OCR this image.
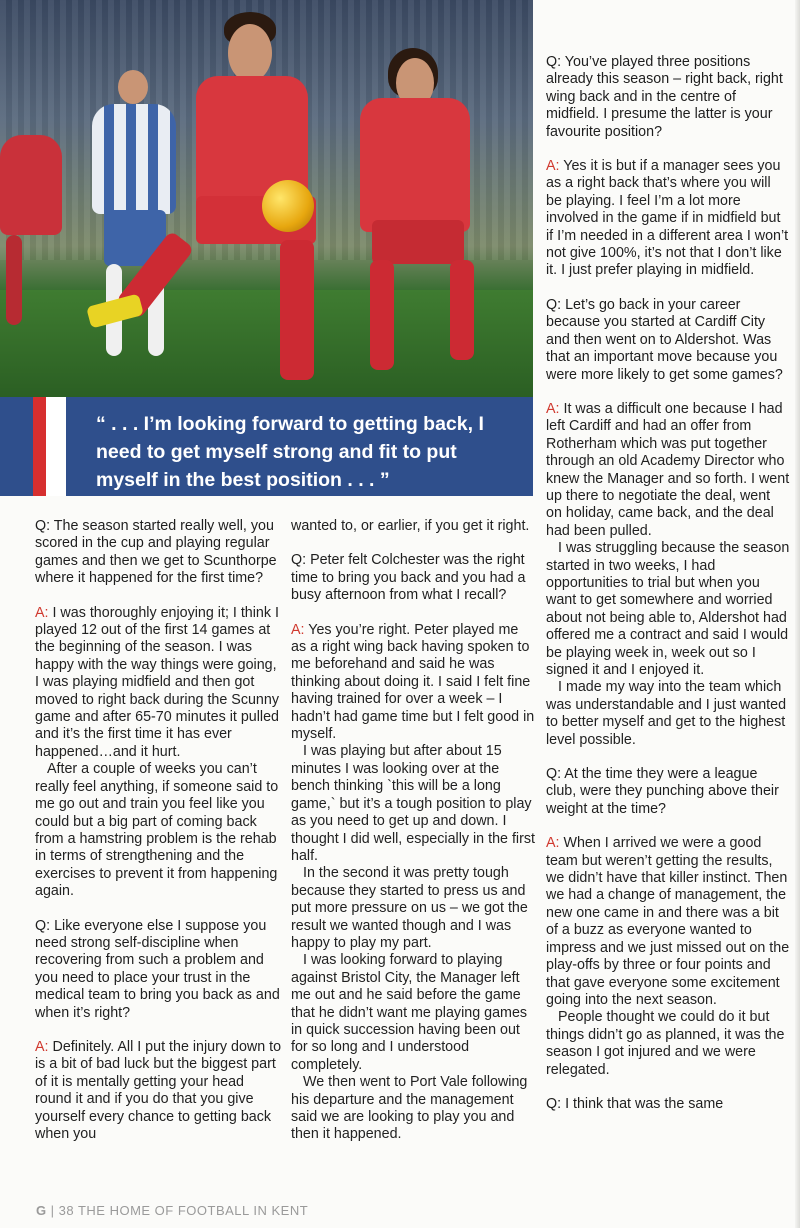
“ . . . I’m looking forward to getting back, I need to get myself strong and fit to put myself in the best position . . . ”

Q: The season started really well, you scored in the cup and playing regular games and then we get to Scunthorpe where it happened for the first time?

A: I was thoroughly enjoying it; I think I played 12 out of the first 14 games at the beginning of the season. I was happy with the way things were going, I was playing midfield and then got moved to right back during the Scunny game and after 65-70 minutes it pulled and it’s the first time it has ever happened…and it hurt.

After a couple of weeks you can’t really feel anything, if someone said to me go out and train you feel like you could but a big part of coming back from a hamstring problem is the rehab in terms of strengthening and the exercises to prevent it from happening again.

Q: Like everyone else I suppose you need strong self-discipline when recovering from such a problem and you need to place your trust in the medical team to bring you back as and when it’s right?

A: Definitely. All I put the injury down to is a bit of bad luck but the biggest part of it is mentally getting your head round it and if you do that you give yourself every chance to getting back when you

wanted to, or earlier, if you get it right.

Q: Peter felt Colchester was the right time to bring you back and you had a busy afternoon from what I recall?

A: Yes you’re right. Peter played me as a right wing back having spoken to me beforehand and said he was thinking about doing it. I said I felt fine having trained for over a week – I hadn’t had game time but I felt good in myself.

I was playing but after about 15 minutes I was looking over at the bench thinking `this will be a long game,` but it’s a tough position to play as you need to get up and down. I thought I did well, especially in the first half.

In the second it was pretty tough because they started to press us and put more pressure on us – we got the result we wanted though and I was happy to play my part.

I was looking forward to playing against Bristol City, the Manager left me out and he said before the game that he didn’t want me playing games in quick succession having been out for so long and I understood completely.

We then went to Port Vale following his departure and the management said we are looking to play you and then it happened.

Q: You’ve played three positions already this season – right back, right wing back and in the centre of midfield. I presume the latter is your favourite position?

A: Yes it is but if a manager sees you as a right back that’s where you will be playing. I feel I’m a lot more involved in the game if in midfield but if I’m needed in a different area I won’t not give 100%, it’s not that I don’t like it. I just prefer playing in midfield.

Q: Let’s go back in your career because you started at Cardiff City and then went on to Aldershot. Was that an important move because you were more likely to get some games?

A: It was a difficult one because I had left Cardiff and had an offer from Rotherham which was put together through an old Academy Director who knew the Manager and so forth. I went up there to negotiate the deal, went on holiday, came back, and the deal had been pulled.

I was struggling because the season started in two weeks, I had opportunities to trial but when you want to get somewhere and worried about not being able to, Aldershot had offered me a contract and said I would be playing week in, week out so I signed it and I enjoyed it.

I made my way into the team which was understandable and I just wanted to better myself and get to the highest level possible.

Q: At the time they were a league club, were they punching above their weight at the time?

A: When I arrived we were a good team but weren’t getting the results, we didn’t have that killer instinct. Then we had a change of management, the new one came in and there was a bit of a buzz as everyone wanted to impress and we just missed out on the play-offs by three or four points and that gave everyone some excitement going into the next season.

People thought we could do it but things didn’t go as planned, it was the season I got injured and we were relegated.

Q: I think that was the same

G | 38 THE HOME OF FOOTBALL IN KENT
